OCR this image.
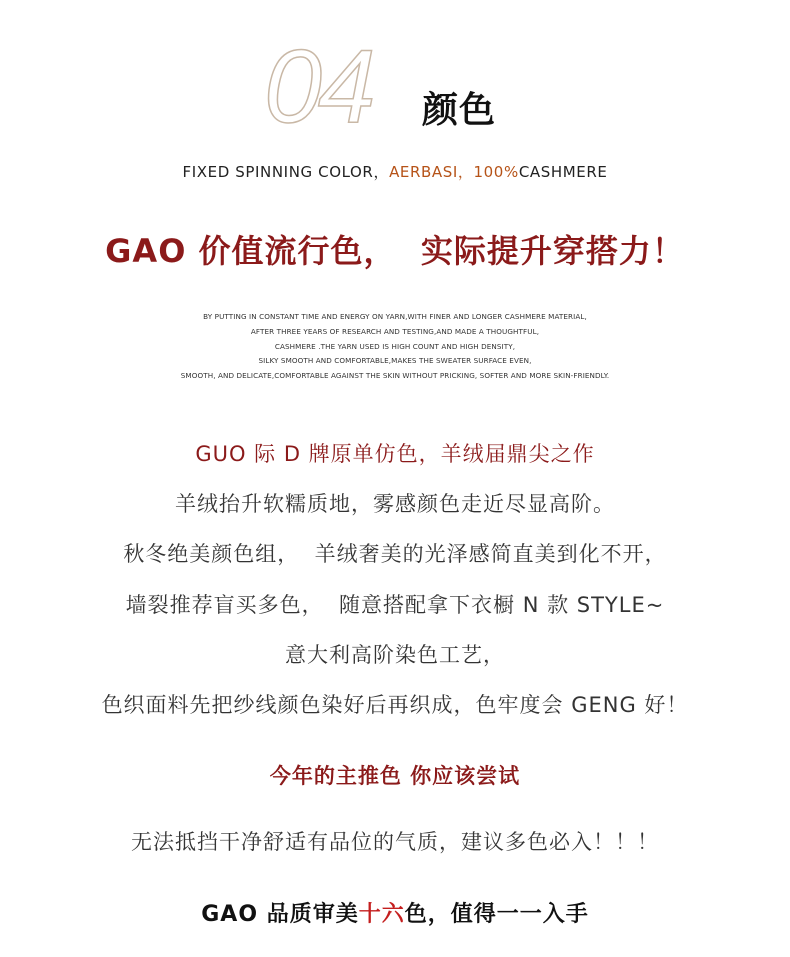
04 颜色
FIXED SPINNING COLOR，AERBASI，100%CASHMERE
GAO 价值流行色，  实际提升穿搭力！
BY PUTTING IN CONSTANT TIME AND ENERGY ON YARN,WITH FINER AND LONGER CASHMERE MATERIAL,
AFTER THREE YEARS OF RESEARCH AND TESTING,AND MADE A THOUGHTFUL,
CASHMERE .THE YARN USED IS HIGH COUNT AND HIGH DENSITY,
SILKY SMOOTH AND COMFORTABLE,MAKES THE SWEATER SURFACE EVEN,
SMOOTH, AND DELICATE,COMFORTABLE AGAINST THE SKIN WITHOUT PRICKING, SOFTER AND MORE SKIN-FRIENDLY.
GUO 际 D 牌原单仿色，羊绒届鼎尖之作
羊绒抬升软糯质地，雾感颜色走近尽显高阶。
秋冬绝美颜色组，  羊绒奢美的光泽感简直美到化不开，
墙裂推荐盲买多色，  随意搭配拿下衣橱 N 款 STYLE~
意大利高阶染色工艺，
色织面料先把纱线颜色染好后再织成，色牢度会 GENG 好！
今年的主推色 你应该尝试
无法抵挡干净舒适有品位的气质，建议多色必入！！！
GAO 品质审美十六色，值得一一入手
